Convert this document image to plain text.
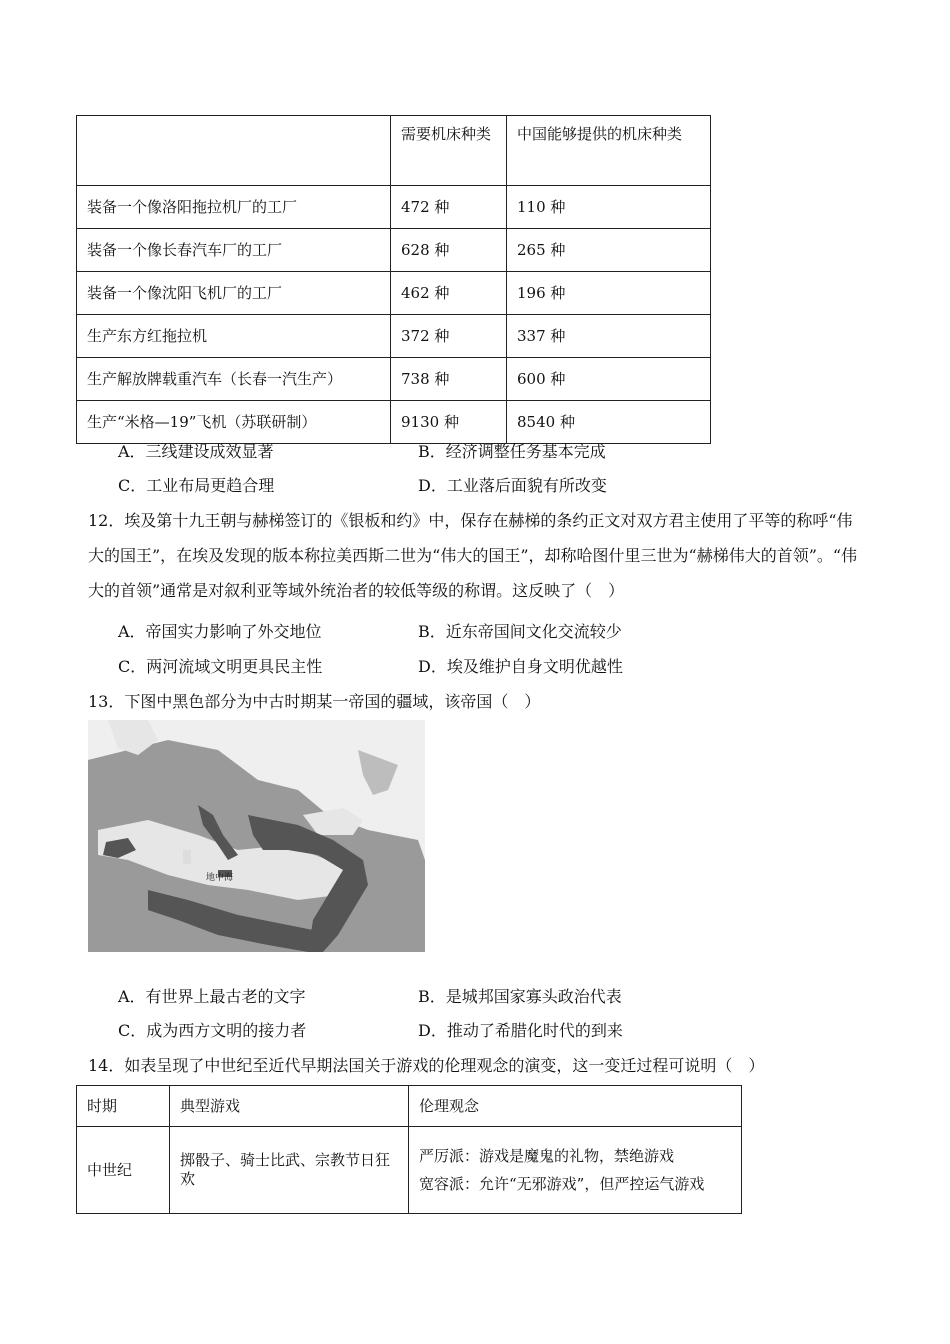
	需要机床种类	中国能够提供的机床种类
装备一个像洛阳拖拉机厂的工厂	472 种	110 种
装备一个像长春汽车厂的工厂	628 种	265 种
装备一个像沈阳飞机厂的工厂	462 种	196 种
生产东方红拖拉机	372 种	337 种
生产解放牌载重汽车（长春一汽生产）	738 种	600 种
生产“米格—19”飞机（苏联研制）	9130 种	8540 种
A．三线建设成效显著	B．经济调整任务基本完成
C．工业布局更趋合理	D．工业落后面貌有所改变
12．埃及第十九王朝与赫梯签订的《银板和约》中，保存在赫梯的条约正文对双方君主使用了平等的称呼“伟大的国王”，在埃及发现的版本称拉美西斯二世为“伟大的国王”，却称哈图什里三世为“赫梯伟大的首领”。“伟大的首领”通常是对叙利亚等域外统治者的较低等级的称谓。这反映了（　）
A．帝国实力影响了外交地位	B．近东帝国间文化交流较少
C．两河流域文明更具民主性	D．埃及维护自身文明优越性
13．下图中黑色部分为中古时期某一帝国的疆域，该帝国（　）
地中海
A．有世界上最古老的文字	B．是城邦国家寡头政治代表
C．成为西方文明的接力者	D．推动了希腊化时代的到来
14．如表呈现了中世纪至近代早期法国关于游戏的伦理观念的演变，这一变迁过程可说明（　）
时期	典型游戏	伦理观念
中世纪	掷骰子、骑士比武、宗教节日狂欢	严厉派：游戏是魔鬼的礼物，禁绝游戏
宽容派：允许“无邪游戏”，但严控运气游戏
